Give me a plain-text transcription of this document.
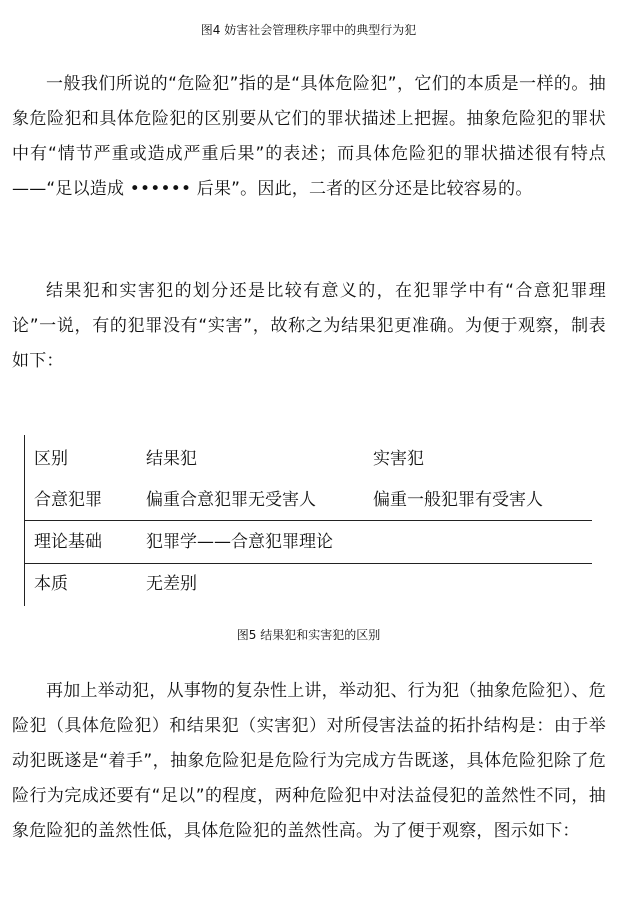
图4 妨害社会管理秩序罪中的典型行为犯

一般我们所说的“危险犯”指的是“具体危险犯”，它们的本质是一样的。抽象危险犯和具体危险犯的区别要从它们的罪状描述上把握。抽象危险犯的罪状中有“情节严重或造成严重后果”的表述；而具体危险犯的罪状描述很有特点——“足以造成 •••••• 后果”。因此，二者的区分还是比较容易的。

结果犯和实害犯的划分还是比较有意义的，在犯罪学中有“合意犯罪理论”一说，有的犯罪没有“实害”，故称之为结果犯更准确。为便于观察，制表如下：

区别	结果犯	实害犯
合意犯罪	偏重合意犯罪无受害人	偏重一般犯罪有受害人
理论基础	犯罪学——合意犯罪理论
本质	无差别
图5 结果犯和实害犯的区别

再加上举动犯，从事物的复杂性上讲，举动犯、行为犯（抽象危险犯）、危险犯（具体危险犯）和结果犯（实害犯）对所侵害法益的拓扑结构是：由于举动犯既遂是“着手”，抽象危险犯是危险行为完成方告既遂，具体危险犯除了危险行为完成还要有“足以”的程度，两种危险犯中对法益侵犯的盖然性不同，抽象危险犯的盖然性低，具体危险犯的盖然性高。为了便于观察，图示如下：
